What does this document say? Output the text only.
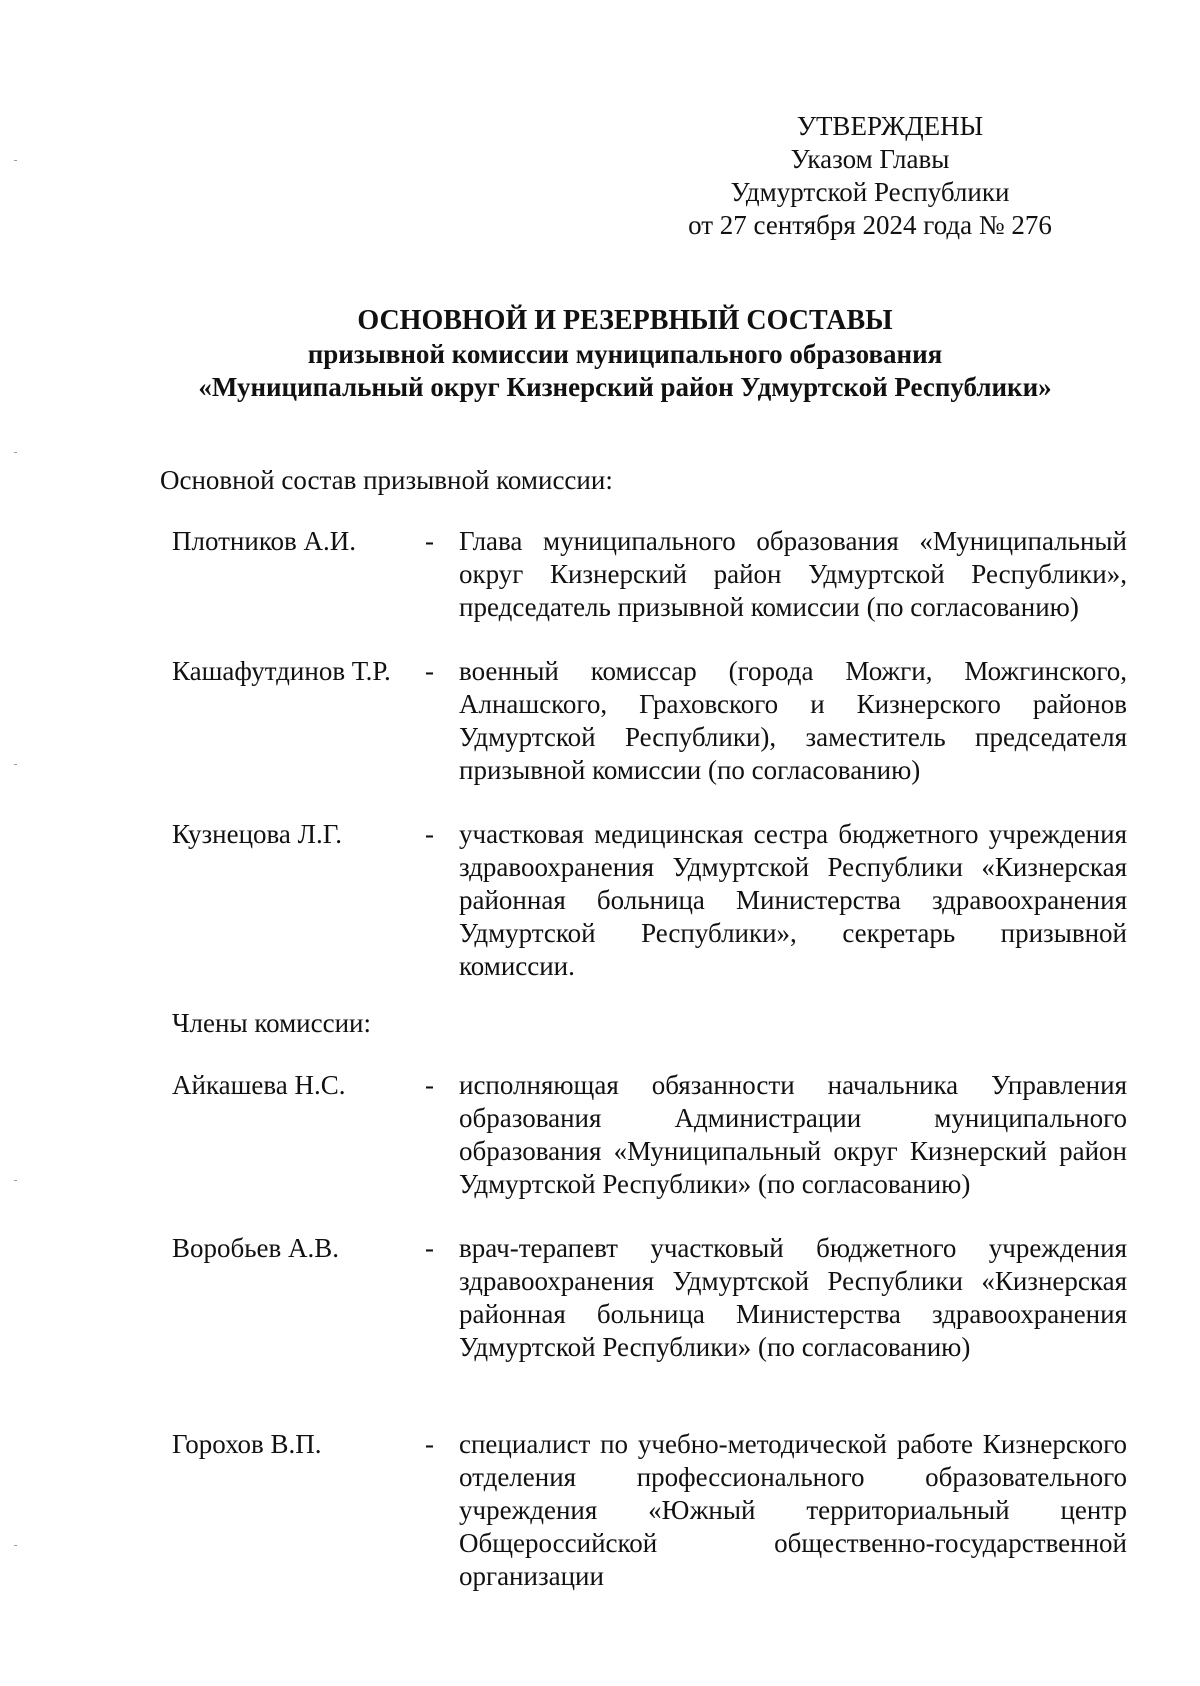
УТВЕРЖДЕНЫ
Указом Главы
Удмуртской Республики
от 27 сентября 2024 года № 276
ОСНОВНОЙ И РЕЗЕРВНЫЙ СОСТАВЫ
призывной комиссии муниципального образования
«Муниципальный округ Кизнерский район Удмуртской Республики»
Основной состав призывной комиссии:
Плотников А.И.	- Глава муниципального образования «Муниципальный округ Кизнерский район Удмуртской Республики», председатель призывной комиссии (по согласованию)
Кашафутдинов Т.Р.	- военный комиссар (города Можги, Можгинского, Алнашского, Граховского и Кизнерского районов Удмуртской Республики), заместитель председателя призывной комиссии (по согласованию)
Кузнецова Л.Г.	- участковая медицинская сестра бюджетного учреждения здравоохранения Удмуртской Республики «Кизнерская районная больница Министерства здравоохранения Удмуртской Республики», секретарь призывной комиссии.
Члены комиссии:
Айкашева Н.С.	- исполняющая обязанности начальника Управления образования Администрации муниципального образования «Муниципальный округ Кизнерский район Удмуртской Республики» (по согласованию)
Воробьев А.В.	- врач-терапевт участковый бюджетного учреждения здравоохранения Удмуртской Республики «Кизнерская районная больница Министерства здравоохранения Удмуртской Республики» (по согласованию)
Горохов В.П.	- специалист по учебно-методической работе Кизнерского отделения профессионального образовательного учреждения «Южный территориальный центр Общероссийской общественно-государственной организации
